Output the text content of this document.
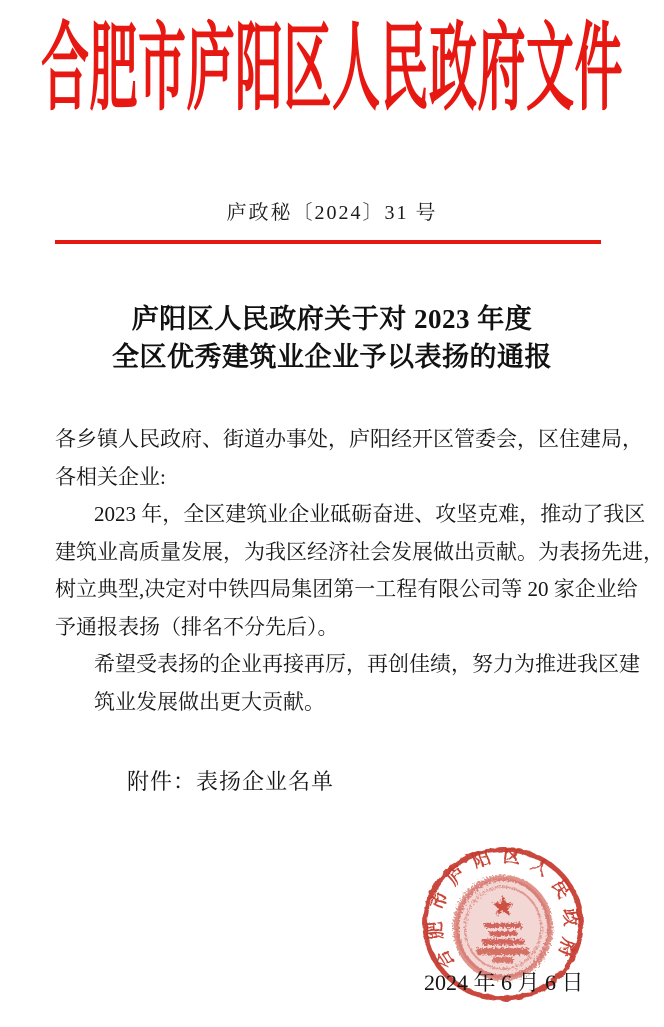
合肥市庐阳区人民政府文件
庐政秘〔2024〕31 号
庐阳区人民政府关于对 2023 年度
全区优秀建筑业企业予以表扬的通报
各乡镇人民政府、街道办事处，庐阳经开区管委会，区住建局，
各相关企业:
2023 年，全区建筑业企业砥砺奋进、攻坚克难，推动了我区
建筑业高质量发展，为我区经济社会发展做出贡献。为表扬先进，
树立典型,决定对中铁四局集团第一工程有限公司等 20 家企业给
予通报表扬（排名不分先后）。
希望受表扬的企业再接再厉，再创佳绩，努力为推进我区建
筑业发展做出更大贡献。
附件：表扬企业名单
合肥市庐阳区人民政府
2024 年 6 月 6 日
